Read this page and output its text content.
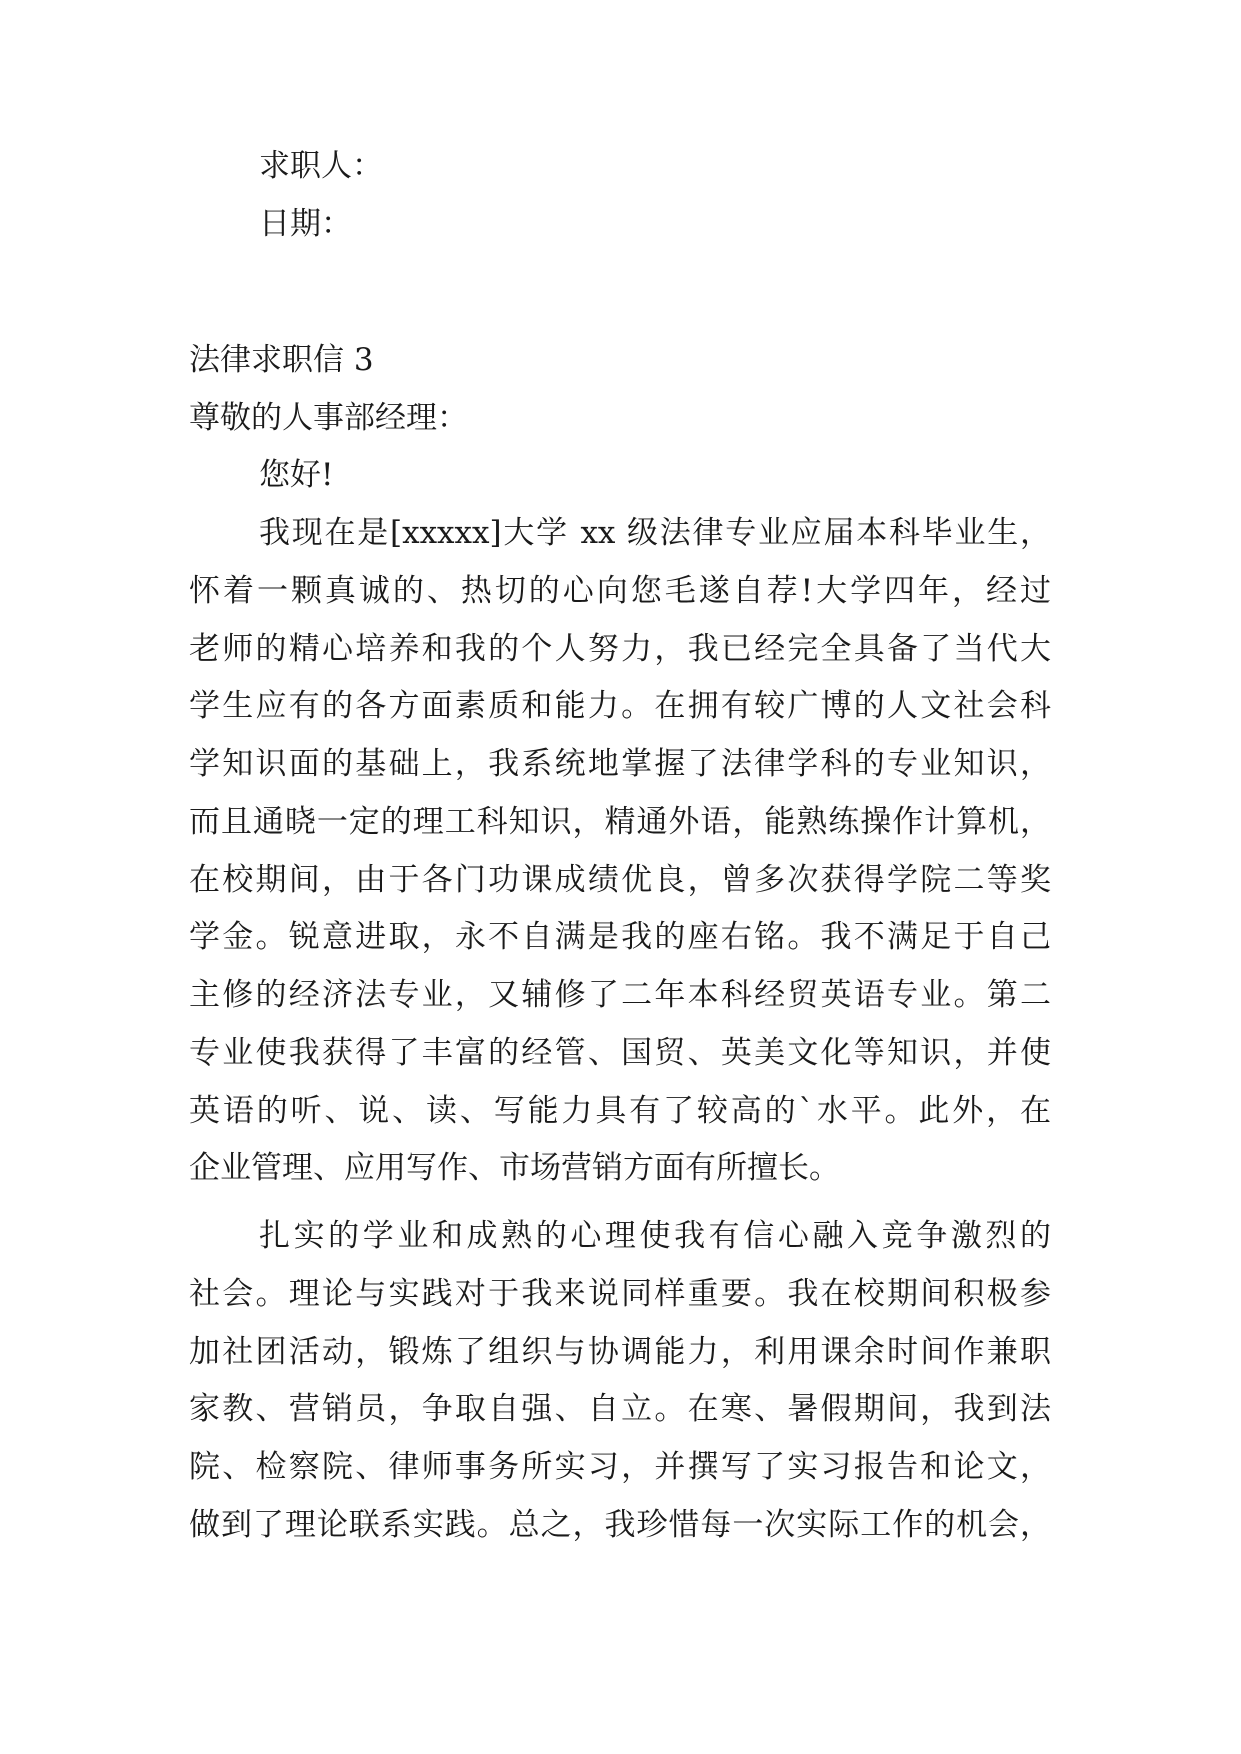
求职人：
日期：
法律求职信 3
尊敬的人事部经理：
您好!
我现在是[xxxxx]大学 xx 级法律专业应届本科毕业生，
怀着一颗真诚的、热切的心向您毛遂自荐!大学四年，经过
老师的精心培养和我的个人努力，我已经完全具备了当代大
学生应有的各方面素质和能力。在拥有较广博的人文社会科
学知识面的基础上，我系统地掌握了法律学科的专业知识，
而且通晓一定的理工科知识，精通外语，能熟练操作计算机，
在校期间，由于各门功课成绩优良，曾多次获得学院二等奖
学金。锐意进取，永不自满是我的座右铭。我不满足于自己
主修的经济法专业，又辅修了二年本科经贸英语专业。第二
专业使我获得了丰富的经管、国贸、英美文化等知识，并使
英语的听、说、读、写能力具有了较高的`水平。此外，在
企业管理、应用写作、市场营销方面有所擅长。
扎实的学业和成熟的心理使我有信心融入竞争激烈的
社会。理论与实践对于我来说同样重要。我在校期间积极参
加社团活动，锻炼了组织与协调能力，利用课余时间作兼职
家教、营销员，争取自强、自立。在寒、暑假期间，我到法
院、检察院、律师事务所实习，并撰写了实习报告和论文，
做到了理论联系实践。总之，我珍惜每一次实际工作的机会，
